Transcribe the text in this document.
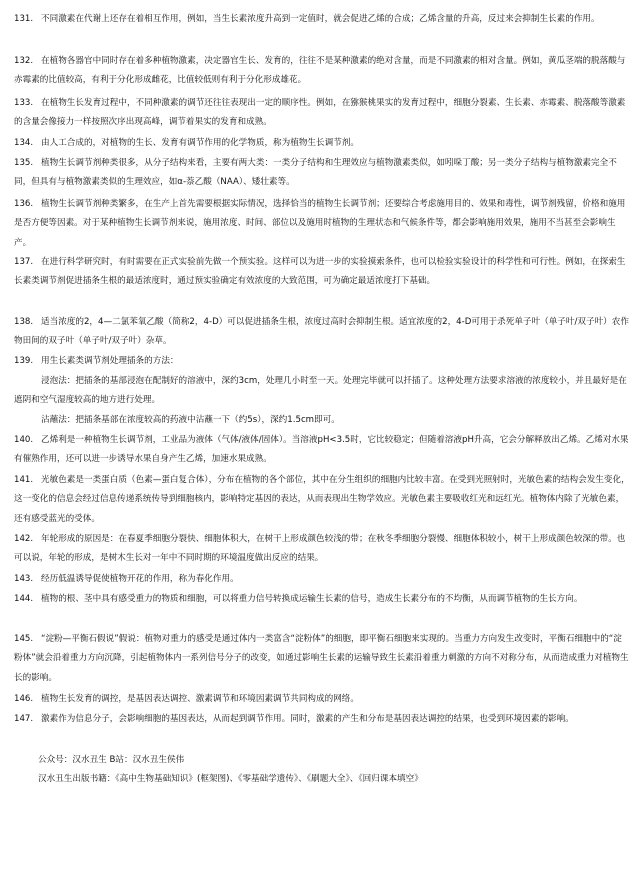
131. 不同激素在代谢上还存在着相互作用，例如，当生长素浓度升高到一定值时，就会促进乙烯的合成；乙烯含量的升高，反过来会抑制生长素的作用。
132. 在植物各器官中同时存在着多种植物激素，决定器官生长、发育的，往往不是某种激素的绝对含量，而是不同激素的相对含量。例如，黄瓜茎端的脱落酸与赤霉素的比值较高，有利于分化形成雌花，比值较低则有利于分化形成雄花。
133. 在植物生长发育过程中，不同种激素的调节还往往表现出一定的顺序性。例如，在猕猴桃果实的发育过程中，细胞分裂素、生长素、赤霉素、脱落酸等激素的含量会像接力一样按照次序出现高峰，调节着果实的发育和成熟。
134. 由人工合成的，对植物的生长、发育有调节作用的化学物质，称为植物生长调节剂。
135. 植物生长调节剂种类很多，从分子结构来看，主要有两大类：一类分子结构和生理效应与植物激素类似，如吲哚丁酸；另一类分子结构与植物激素完全不同，但具有与植物激素类似的生理效应，如α-萘乙酸（NAA）、矮壮素等。
136. 植物生长调节剂种类繁多，在生产上首先需要根据实际情况，选择恰当的植物生长调节剂；还要综合考虑施用目的、效果和毒性，调节剂残留，价格和施用是否方便等因素。对于某种植物生长调节剂来说，施用浓度、时间、部位以及施用时植物的生理状态和气候条件等，都会影响施用效果，施用不当甚至会影响生产。
137. 在进行科学研究时，有时需要在正式实验前先做一个预实验。这样可以为进一步的实验摸索条件，也可以检验实验设计的科学性和可行性。例如，在探索生长素类调节剂促进插条生根的最适浓度时，通过预实验确定有效浓度的大致范围，可为确定最适浓度打下基础。
138. 适当浓度的2，4—二氯苯氧乙酸（简称2，4-D）可以促进插条生根，浓度过高时会抑制生根。适宜浓度的2，4-D可用于杀死单子叶（单子叶/双子叶）农作物田间的双子叶（单子叶/双子叶）杂草。
139. 用生长素类调节剂处理插条的方法：
浸泡法：把插条的基部浸泡在配制好的溶液中，深约3cm，处理几小时至一天。处理完毕就可以扦插了。这种处理方法要求溶液的浓度较小，并且最好是在遮阴和空气湿度较高的地方进行处理。
沾蘸法：把插条基部在浓度较高的药液中沾蘸一下（约5s），深约1.5cm即可。
140. 乙烯利是一种植物生长调节剂，工业品为液体（气体/液体/固体）。当溶液pH<3.5时，它比较稳定；但随着溶液pH升高，它会分解释放出乙烯。乙烯对水果有催熟作用，还可以进一步诱导水果自身产生乙烯，加速水果成熟。
141. 光敏色素是一类蛋白质（色素—蛋白复合体），分布在植物的各个部位，其中在分生组织的细胞内比较丰富。在受到光照射时，光敏色素的结构会发生变化，这一变化的信息会经过信息传递系统传导到细胞核内，影响特定基因的表达，从而表现出生物学效应。光敏色素主要吸收红光和远红光。植物体内除了光敏色素，还有感受蓝光的受体。
142. 年轮形成的原因是：在春夏季细胞分裂快、细胞体积大，在树干上形成颜色较浅的带；在秋冬季细胞分裂慢、细胞体积较小，树干上形成颜色较深的带。也可以说，年轮的形成，是树木生长对一年中不同时期的环境温度做出反应的结果。
143. 经历低温诱导促使植物开花的作用，称为春化作用。
144. 植物的根、茎中具有感受重力的物质和细胞，可以将重力信号转换成运输生长素的信号，造成生长素分布的不均衡，从而调节植物的生长方向。
145. “淀粉—平衡石假说”假说：植物对重力的感受是通过体内一类富含“淀粉体”的细胞，即平衡石细胞来实现的。当重力方向发生改变时，平衡石细胞中的“淀粉体”就会沿着重力方向沉降，引起植物体内一系列信号分子的改变，如通过影响生长素的运输导致生长素沿着重力刺激的方向不对称分布，从而造成重力对植物生长的影响。
146. 植物生长发育的调控，是基因表达调控、激素调节和环境因素调节共同构成的网络。
147. 激素作为信息分子，会影响细胞的基因表达，从而起到调节作用。同时，激素的产生和分布是基因表达调控的结果，也受到环境因素的影响。
公众号：汉水丑生 B站：汉水丑生侯伟
汉水丑生出版书籍：《高中生物基础知识》(框架图)、《零基础学遗传》、《刷题大全》、《回归课本填空》
